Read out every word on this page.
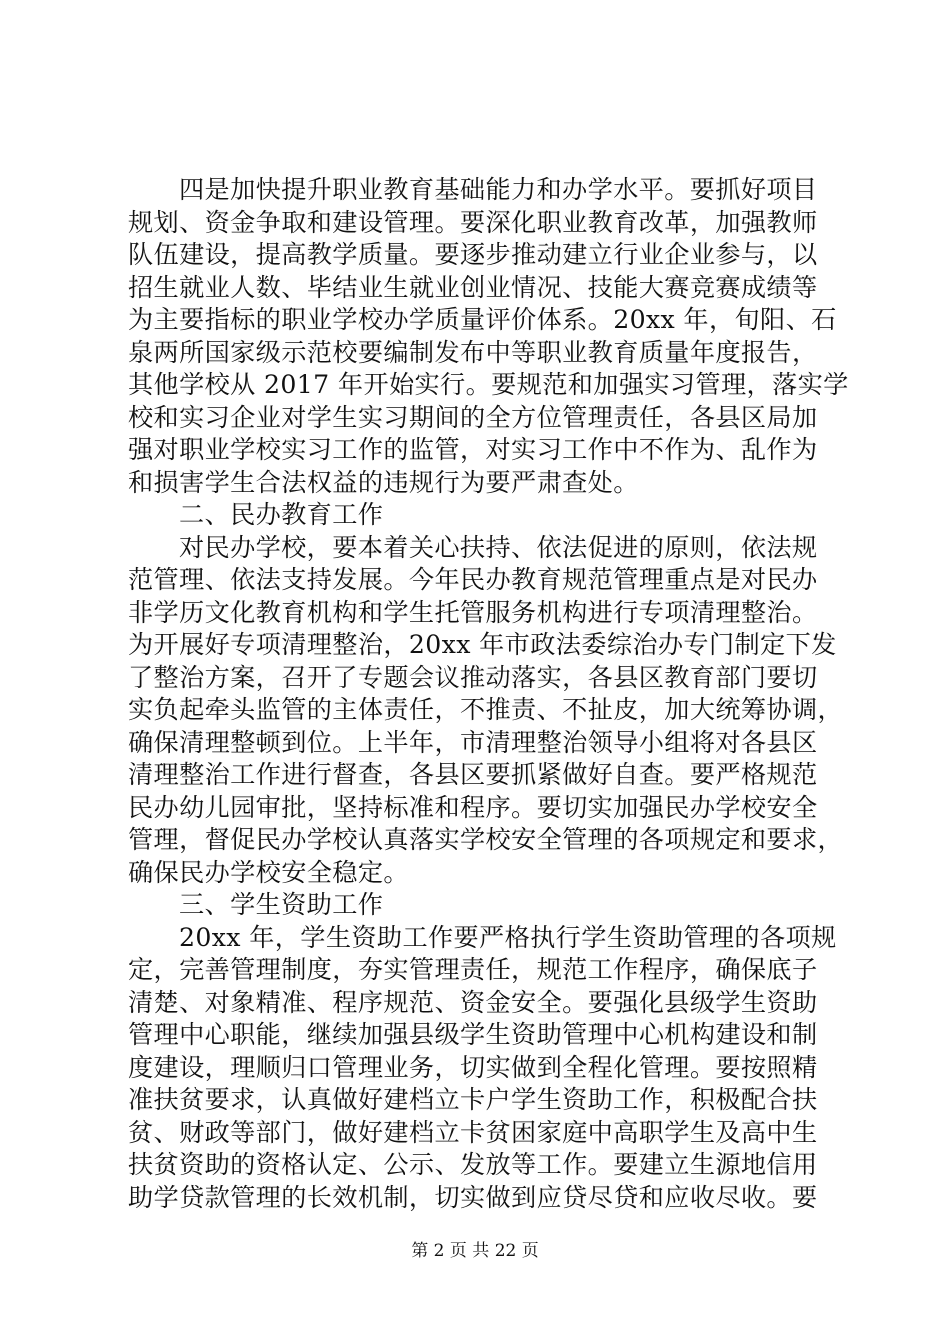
四是加快提升职业教育基础能力和办学水平。要抓好项目
规划、资金争取和建设管理。要深化职业教育改革，加强教师
队伍建设，提高教学质量。要逐步推动建立行业企业参与，以
招生就业人数、毕结业生就业创业情况、技能大赛竞赛成绩等
为主要指标的职业学校办学质量评价体系。20xx 年，旬阳、石
泉两所国家级示范校要编制发布中等职业教育质量年度报告，
其他学校从 2017 年开始实行。要规范和加强实习管理，落实学
校和实习企业对学生实习期间的全方位管理责任，各县区局加
强对职业学校实习工作的监管，对实习工作中不作为、乱作为
和损害学生合法权益的违规行为要严肃查处。
二、民办教育工作
对民办学校，要本着关心扶持、依法促进的原则，依法规
范管理、依法支持发展。今年民办教育规范管理重点是对民办
非学历文化教育机构和学生托管服务机构进行专项清理整治。
为开展好专项清理整治，20xx 年市政法委综治办专门制定下发
了整治方案，召开了专题会议推动落实，各县区教育部门要切
实负起牵头监管的主体责任，不推责、不扯皮，加大统筹协调，
确保清理整顿到位。上半年，市清理整治领导小组将对各县区
清理整治工作进行督查，各县区要抓紧做好自查。要严格规范
民办幼儿园审批，坚持标准和程序。要切实加强民办学校安全
管理，督促民办学校认真落实学校安全管理的各项规定和要求，
确保民办学校安全稳定。
三、学生资助工作
20xx 年，学生资助工作要严格执行学生资助管理的各项规
定，完善管理制度，夯实管理责任，规范工作程序，确保底子
清楚、对象精准、程序规范、资金安全。要强化县级学生资助
管理中心职能，继续加强县级学生资助管理中心机构建设和制
度建设，理顺归口管理业务，切实做到全程化管理。要按照精
准扶贫要求，认真做好建档立卡户学生资助工作，积极配合扶
贫、财政等部门，做好建档立卡贫困家庭中高职学生及高中生
扶贫资助的资格认定、公示、发放等工作。要建立生源地信用
助学贷款管理的长效机制，切实做到应贷尽贷和应收尽收。要
第 2 页 共 22 页
